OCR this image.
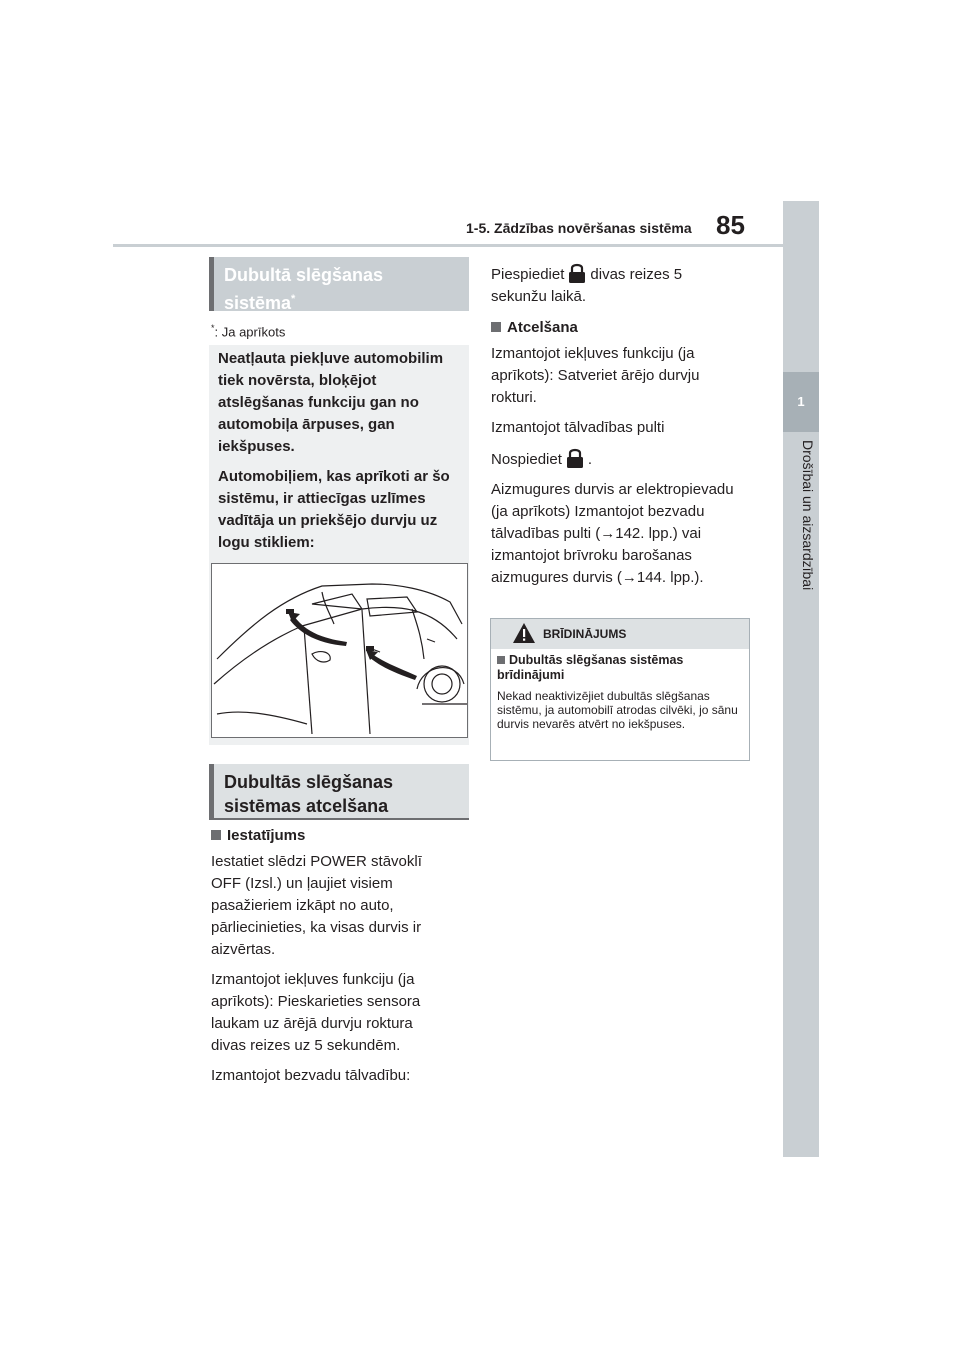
1-5. Zādzības novēršanas sistēma 85
1
Drošībai un aizsardzībai
Dubultā slēgšanas sistēma*
*: Ja aprīkots

Neatļauta piekļuve automobilim tiek novērsta, bloķējot atslēgšanas funkciju gan no automobiļa ārpuses, gan iekšpuses.

Automobiļiem, kas aprīkoti ar šo sistēmu, ir attiecīgas uzlīmes vadītāja un priekšējo durvju uz logu stikliem:

Dubultās slēgšanas sistēmas atcelšana
Iestatījums

Iestatiet slēdzi POWER stāvoklī OFF (Izsl.) un ļaujiet visiem pasažieriem izkāpt no auto, pārliecinieties, ka visas durvis ir aizvērtas.

Izmantojot iekļuves funkciju (ja aprīkots): Pieskarieties sensora laukam uz ārējā durvju roktura divas reizes uz 5 sekundēm.

Izmantojot bezvadu tālvadību:

Piespiediet divas reizes 5 sekunžu laikā.

Atcelšana

Izmantojot iekļuves funkciju (ja aprīkots): Satveriet ārējo durvju rokturi.

Izmantojot tālvadības pulti

Nospiediet .

Aizmugures durvis ar elektropievadu (ja aprīkots) Izmantojot bezvadu tālvadības pulti (→142. lpp.) vai izmantojot brīvroku barošanas aizmugures durvis (→144. lpp.).

BRĪDINĀJUMS
Dubultās slēgšanas sistēmas brīdinājumi
Nekad neaktivizējiet dubultās slēgšanas sistēmu, ja automobilī atrodas cilvēki, jo sānu durvis nevarēs atvērt no iekšpuses.
